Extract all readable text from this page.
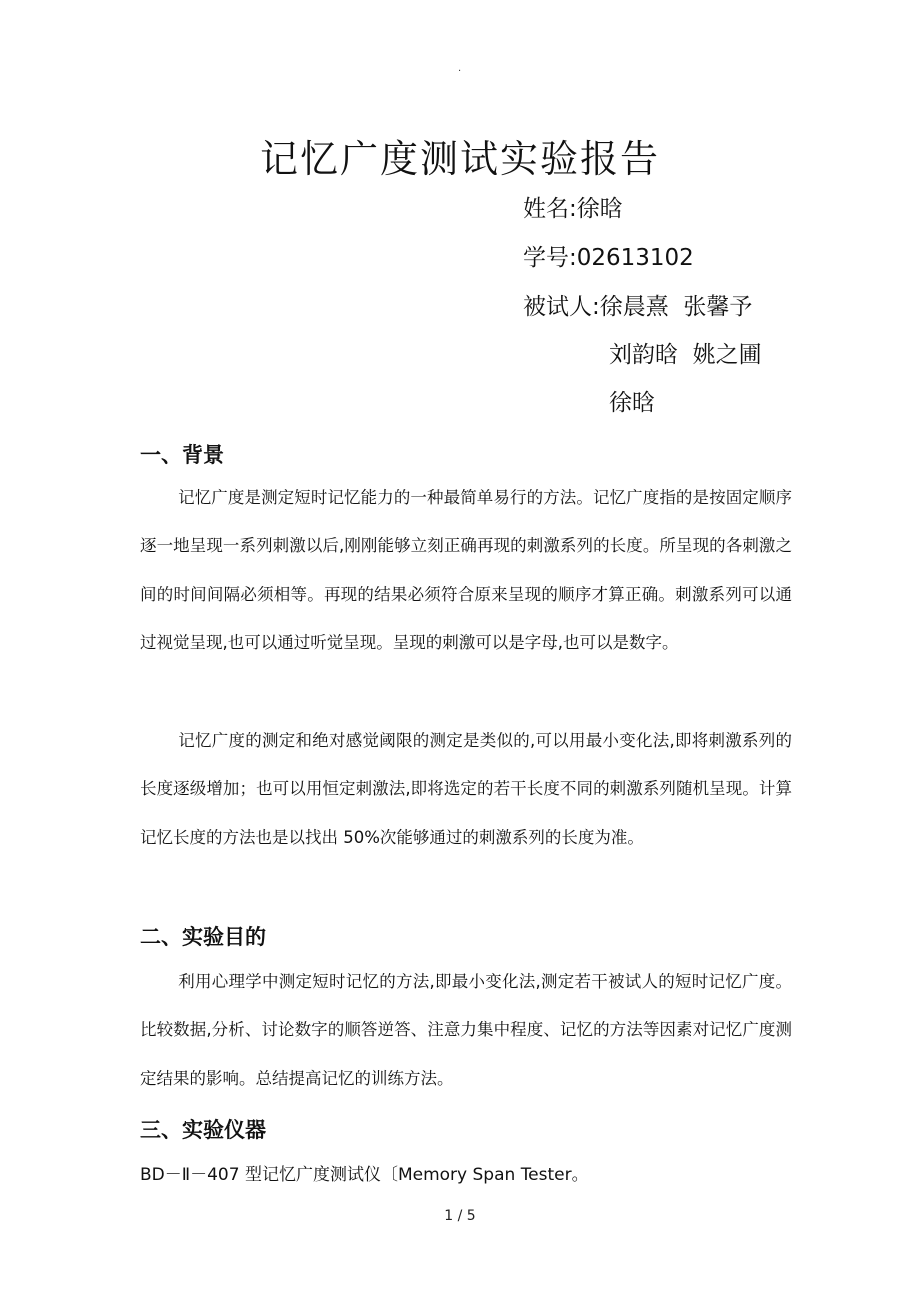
·
记忆广度测试实验报告
姓名:徐晗
学号:02613102
被试人:徐晨熹  张馨予
刘韵晗  姚之圃
徐晗
一、背景

记忆广度是测定短时记忆能力的一种最简单易行的方法。记忆广度指的是按固定顺序逐一地呈现一系列刺激以后,刚刚能够立刻正确再现的刺激系列的长度。所呈现的各刺激之间的时间间隔必须相等。再现的结果必须符合原来呈现的顺序才算正确。刺激系列可以通过视觉呈现,也可以通过听觉呈现。呈现的刺激可以是字母,也可以是数字。

记忆广度的测定和绝对感觉阈限的测定是类似的,可以用最小变化法,即将刺激系列的长度逐级增加；也可以用恒定刺激法,即将选定的若干长度不同的刺激系列随机呈现。计算记忆长度的方法也是以找出 50%次能够通过的刺激系列的长度为准。

二、实验目的

利用心理学中测定短时记忆的方法,即最小变化法,测定若干被试人的短时记忆广度。比较数据,分析、讨论数字的顺答逆答、注意力集中程度、记忆的方法等因素对记忆广度测定结果的影响。总结提高记忆的训练方法。

三、实验仪器
BD－Ⅱ－407 型记忆广度测试仪〔Memory Span Tester。
1 / 5
